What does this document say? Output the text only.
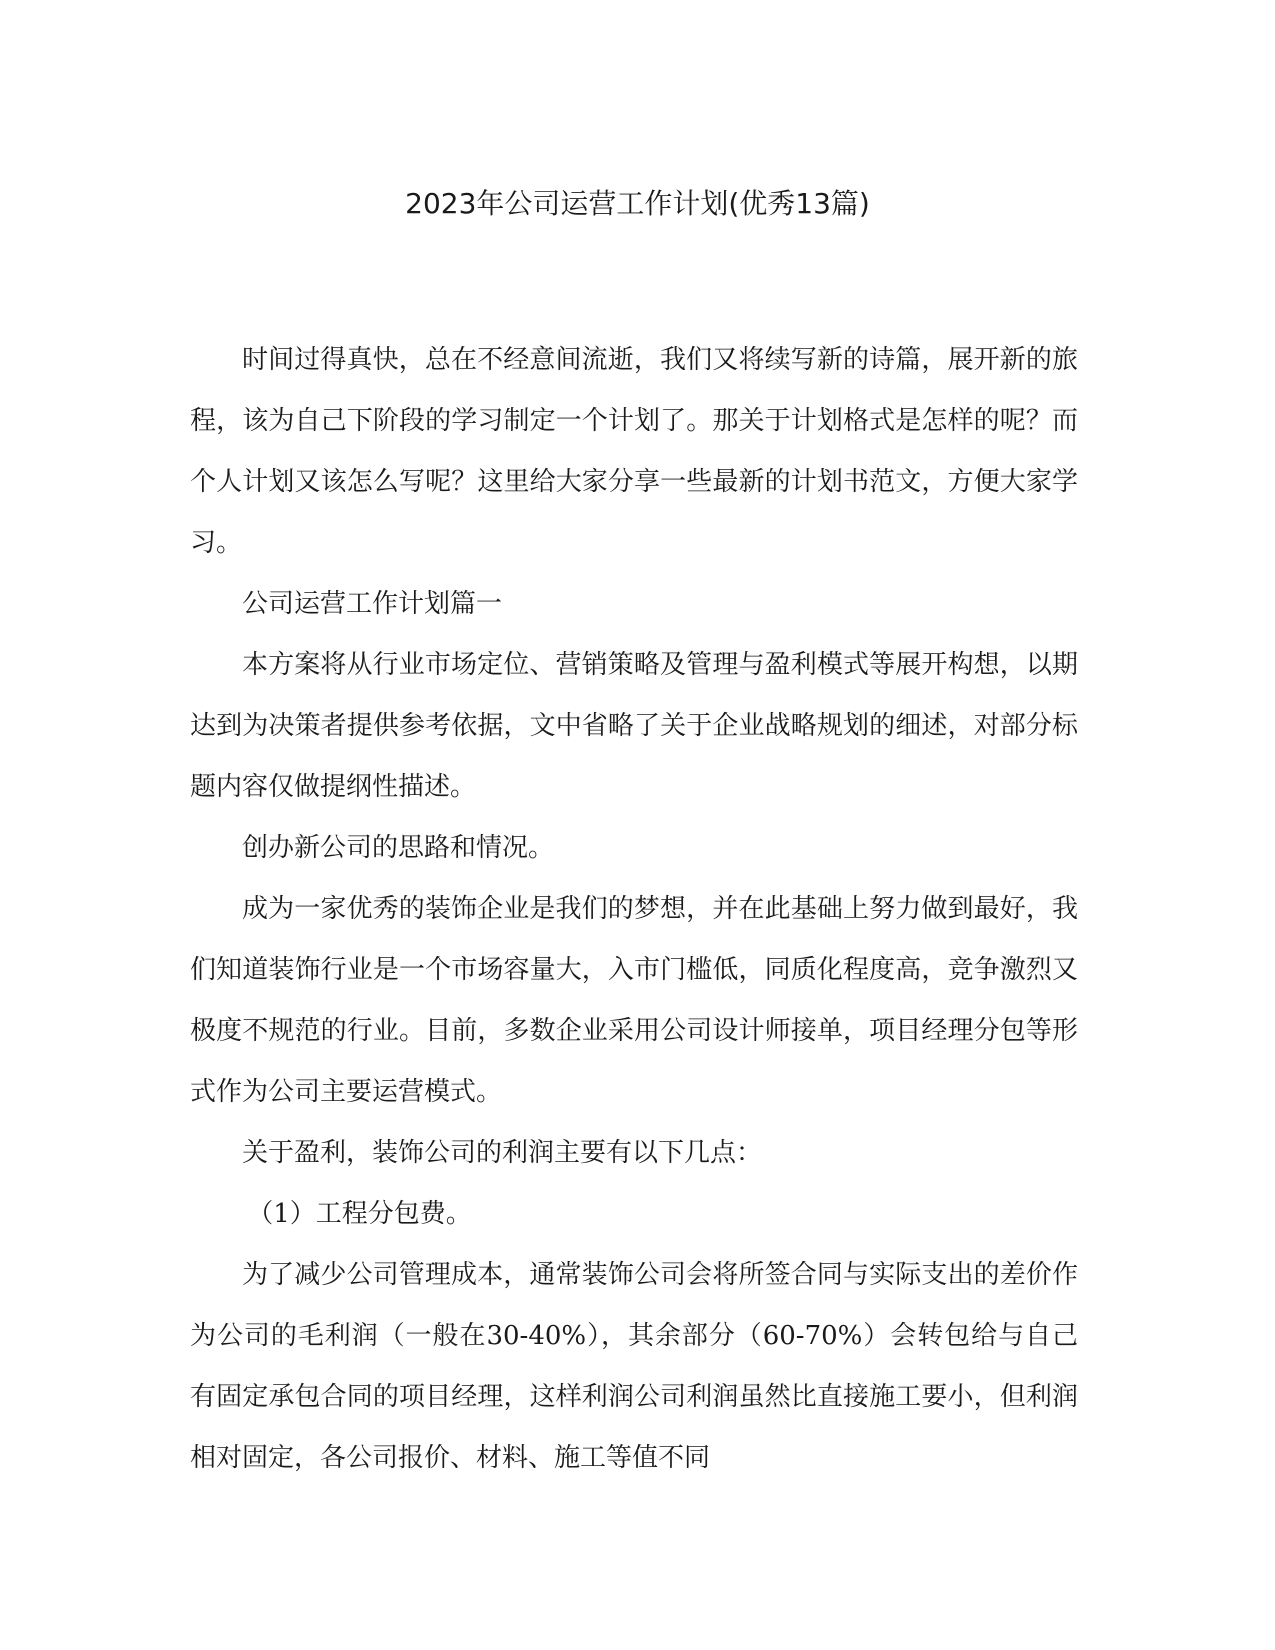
2023年公司运营工作计划(优秀13篇)

时间过得真快，总在不经意间流逝，我们又将续写新的诗篇，展开新的旅程，该为自己下阶段的学习制定一个计划了。那关于计划格式是怎样的呢？而个人计划又该怎么写呢？这里给大家分享一些最新的计划书范文，方便大家学习。

公司运营工作计划篇一

本方案将从行业市场定位、营销策略及管理与盈利模式等展开构想，以期达到为决策者提供参考依据，文中省略了关于企业战略规划的细述，对部分标题内容仅做提纲性描述。

创办新公司的思路和情况。

成为一家优秀的装饰企业是我们的梦想，并在此基础上努力做到最好，我们知道装饰行业是一个市场容量大，入市门槛低，同质化程度高，竞争激烈又极度不规范的行业。目前，多数企业采用公司设计师接单，项目经理分包等形式作为公司主要运营模式。

关于盈利，装饰公司的利润主要有以下几点：

（1）工程分包费。

为了减少公司管理成本，通常装饰公司会将所签合同与实际支出的差价作为公司的毛利润（一般在30-40%），其余部分（60-70%）会转包给与自己有固定承包合同的项目经理，这样利润公司利润虽然比直接施工要小，但利润相对固定，各公司报价、材料、施工等值不同
